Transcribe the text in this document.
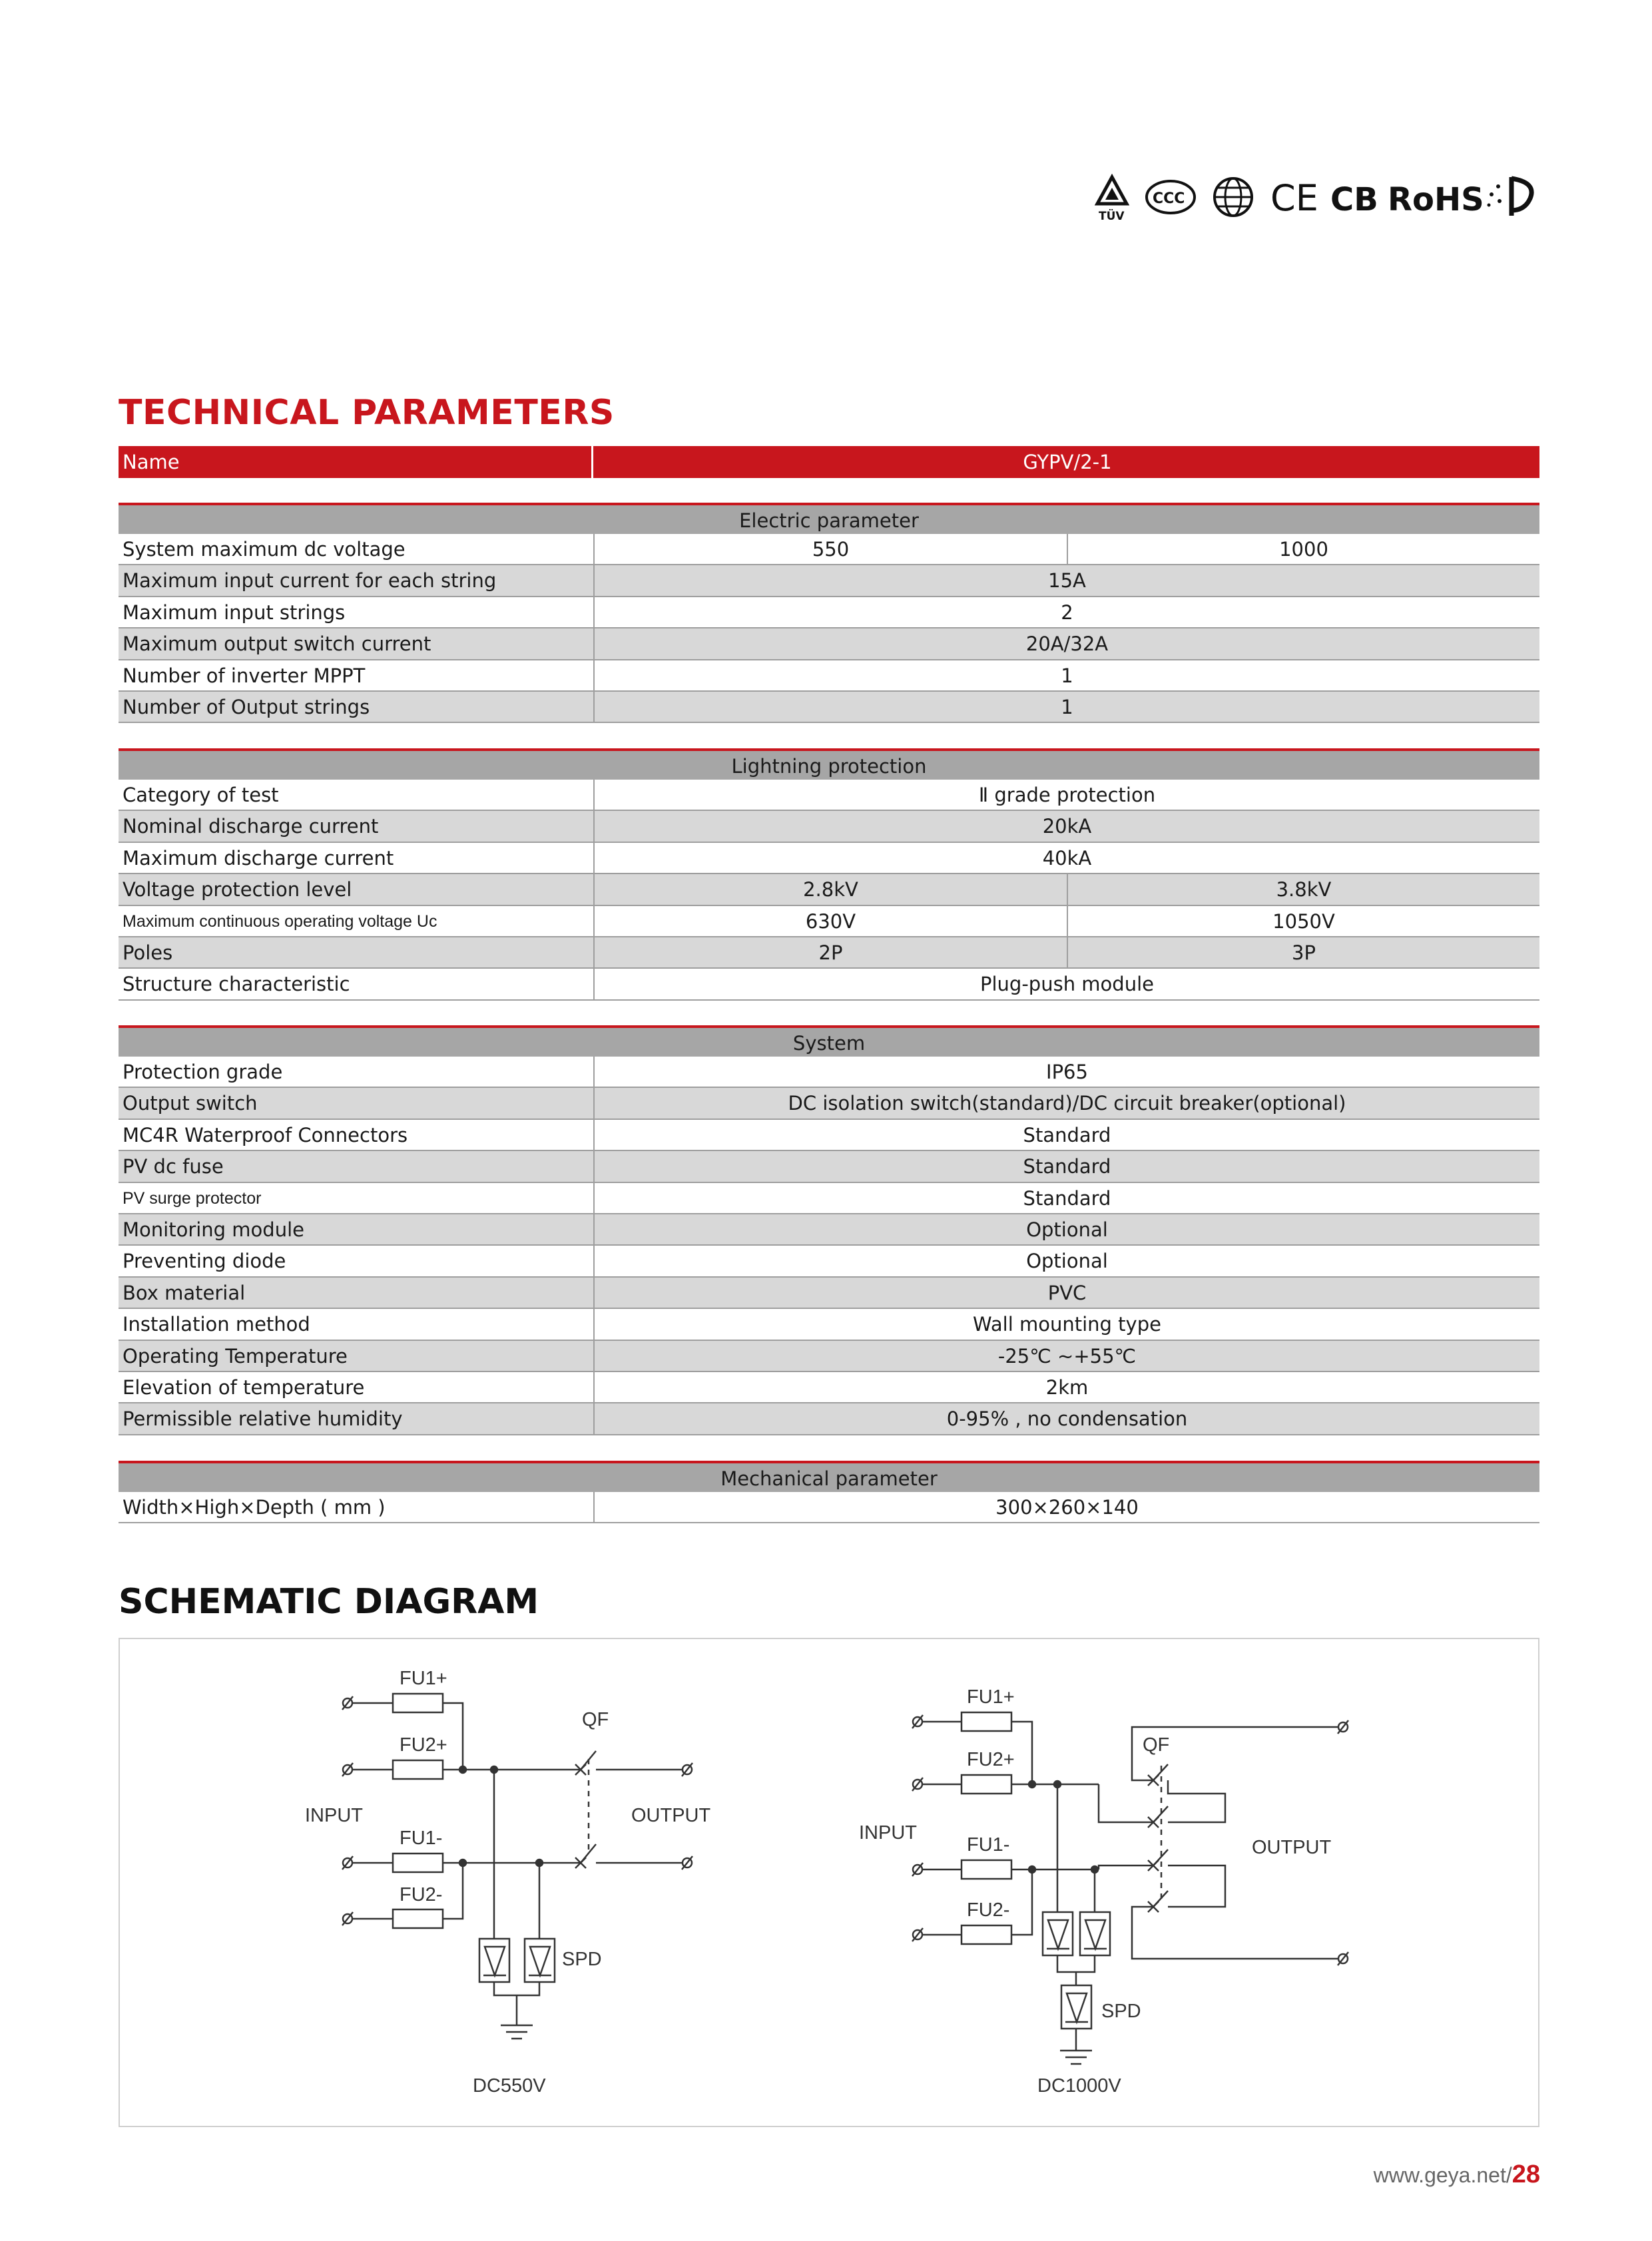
TÜV
CCC CE CB RoHS
TECHNICAL PARAMETERS
Name	GYPV/2-1
Electric parameter
System maximum dc voltage	550	1000
Maximum input current for each string	15A
Maximum input strings	2
Maximum output switch current	20A/32A
Number of inverter MPPT	1
Number of Output strings	1
Lightning protection
Category of test	Ⅱ grade protection
Nominal discharge current	20kA
Maximum discharge current	40kA
Voltage protection level	2.8kV	3.8kV
Maximum continuous operating voltage Uc	630V	1050V
Poles	2P	3P
Structure characteristic	Plug-push module
System
Protection grade	IP65
Output switch	DC isolation switch(standard)/DC circuit breaker(optional)
MC4R Waterproof Connectors	Standard
PV dc fuse	Standard
PV surge protector	Standard
Monitoring module	Optional
Preventing diode	Optional
Box material	PVC
Installation method	Wall mounting type
Operating Temperature	-25℃ ~+55℃
Elevation of temperature	2km
Permissible relative humidity	0-95% , no condensation
Mechanical parameter
Width×High×Depth ( mm )	300×260×140
SCHEMATIC DIAGRAM
FU1+
FU2+
FU1-
FU2-
QF
INPUT	OUTPUT
SPD
DC550V
FU1+
FU2+
FU1-
FU2-
QF
INPUT
OUTPUT
SPD
DC1000V
www.geya.net/28
